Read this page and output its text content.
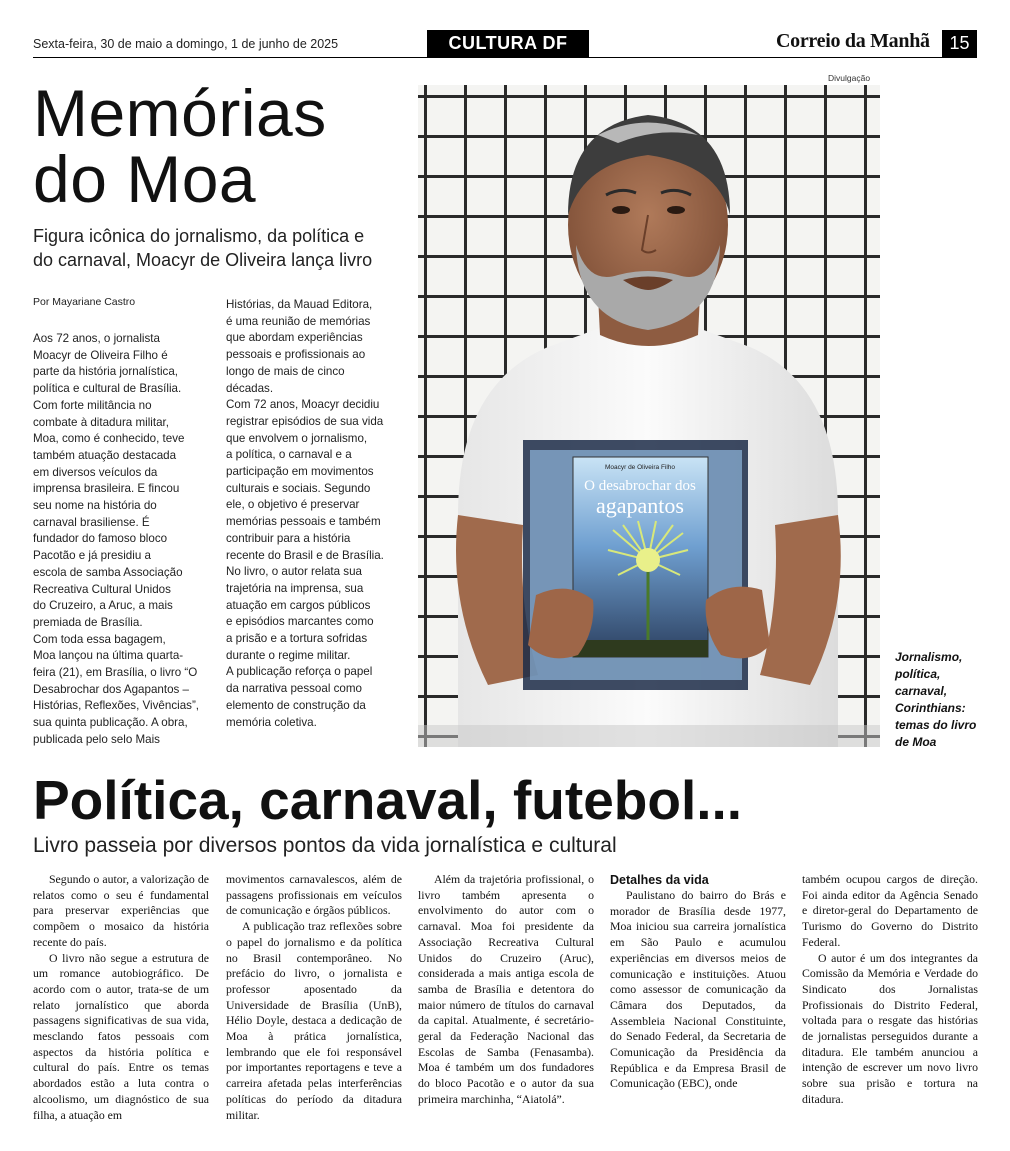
Sexta-feira, 30 de maio a domingo, 1 de junho de 2025	CULTURA DF	Correio da Manhã	15
Memórias
do Moa
Figura icônica do jornalismo, da política e
do carnaval, Moacyr de Oliveira lança livro
Por Mayariane Castro

Aos 72 anos, o jornalista

Moacyr de Oliveira Filho é

parte da história jornalística,

política e cultural de Brasília.

Com forte militância no

combate à ditadura militar,

Moa, como é conhecido, teve

também atuação destacada

em diversos veículos da

imprensa brasileira. E fincou

seu nome na história do

carnaval brasiliense. É

fundador do famoso bloco

Pacotão e já presidiu a

escola de samba Associação

Recreativa Cultural Unidos

do Cruzeiro, a Aruc, a mais

premiada de Brasília.

Com toda essa bagagem,

Moa lançou na última quarta-

feira (21), em Brasília, o livro “O

Desabrochar dos Agapantos –

Histórias, Reflexões, Vivências”,

sua quinta publicação. A obra,

publicada pelo selo Mais

Histórias, da Mauad Editora,

é uma reunião de memórias

que abordam experiências

pessoais e profissionais ao

longo de mais de cinco

décadas.

Com 72 anos, Moacyr decidiu

registrar episódios de sua vida

que envolvem o jornalismo,

a política, o carnaval e a

participação em movimentos

culturais e sociais. Segundo

ele, o objetivo é preservar

memórias pessoais e também

contribuir para a história

recente do Brasil e de Brasília.

No livro, o autor relata sua

trajetória na imprensa, sua

atuação em cargos públicos

e episódios marcantes como

a prisão e a tortura sofridas

durante o regime militar.

A publicação reforça o papel

da narrativa pessoal como

elemento de construção da

memória coletiva.

Divulgação
Moacyr de Oliveira Filho
O desabrochar dos
agapantos
Jornalismo, política, carnaval, Corinthians: temas do livro de Moa
Política, carnaval, futebol...
Livro passeia por diversos pontos da vida jornalística e cultural

Segundo o autor, a valorização de relatos como o seu é fundamental para preservar experiências que compõem o mosaico da história recente do país.

O livro não segue a estrutura de um romance autobiográfico. De acordo com o autor, trata-se de um relato jornalístico que aborda passagens significativas de sua vida, mesclando fatos pessoais com aspectos da história política e cultural do país. Entre os temas abordados estão a luta contra o alcoolismo, um diagnóstico de sua filha, a atuação em

movimentos carnavalescos, além de passagens profissionais em veículos de comunicação e órgãos públicos.

A publicação traz reflexões sobre o papel do jornalismo e da política no Brasil contemporâneo. No prefácio do livro, o jornalista e professor aposentado da Universidade de Brasília (UnB), Hélio Doyle, destaca a dedicação de Moa à prática jornalística, lembrando que ele foi responsável por importantes reportagens e teve a carreira afetada pelas interferências políticas do período da ditadura militar.

Além da trajetória profissional, o livro também apresenta o envolvimento do autor com o carnaval. Moa foi presidente da Associação Recreativa Cultural Unidos do Cruzeiro (Aruc), considerada a mais antiga escola de samba de Brasília e detentora do maior número de títulos do carnaval da capital. Atualmente, é secretário-geral da Federação Nacional das Escolas de Samba (Fenasamba). Moa é também um dos fundadores do bloco Pacotão e o autor da sua primeira marchinha, “Aiatolá”.

Detalhes da vida

Paulistano do bairro do Brás e morador de Brasília desde 1977, Moa iniciou sua carreira jornalística em São Paulo e acumulou experiências em diversos meios de comunicação e instituições. Atuou como assessor de comunicação da Câmara dos Deputados, da Assembleia Nacional Constituinte, do Senado Federal, da Secretaria de Comunicação da Presidência da República e da Empresa Brasil de Comunicação (EBC), onde

também ocupou cargos de direção. Foi ainda editor da Agência Senado e diretor-geral do Departamento de Turismo do Governo do Distrito Federal.

O autor é um dos integrantes da Comissão da Memória e Verdade do Sindicato dos Jornalistas Profissionais do Distrito Federal, voltada para o resgate das histórias de jornalistas perseguidos durante a ditadura. Ele também anunciou a intenção de escrever um novo livro sobre sua prisão e tortura na ditadura.
